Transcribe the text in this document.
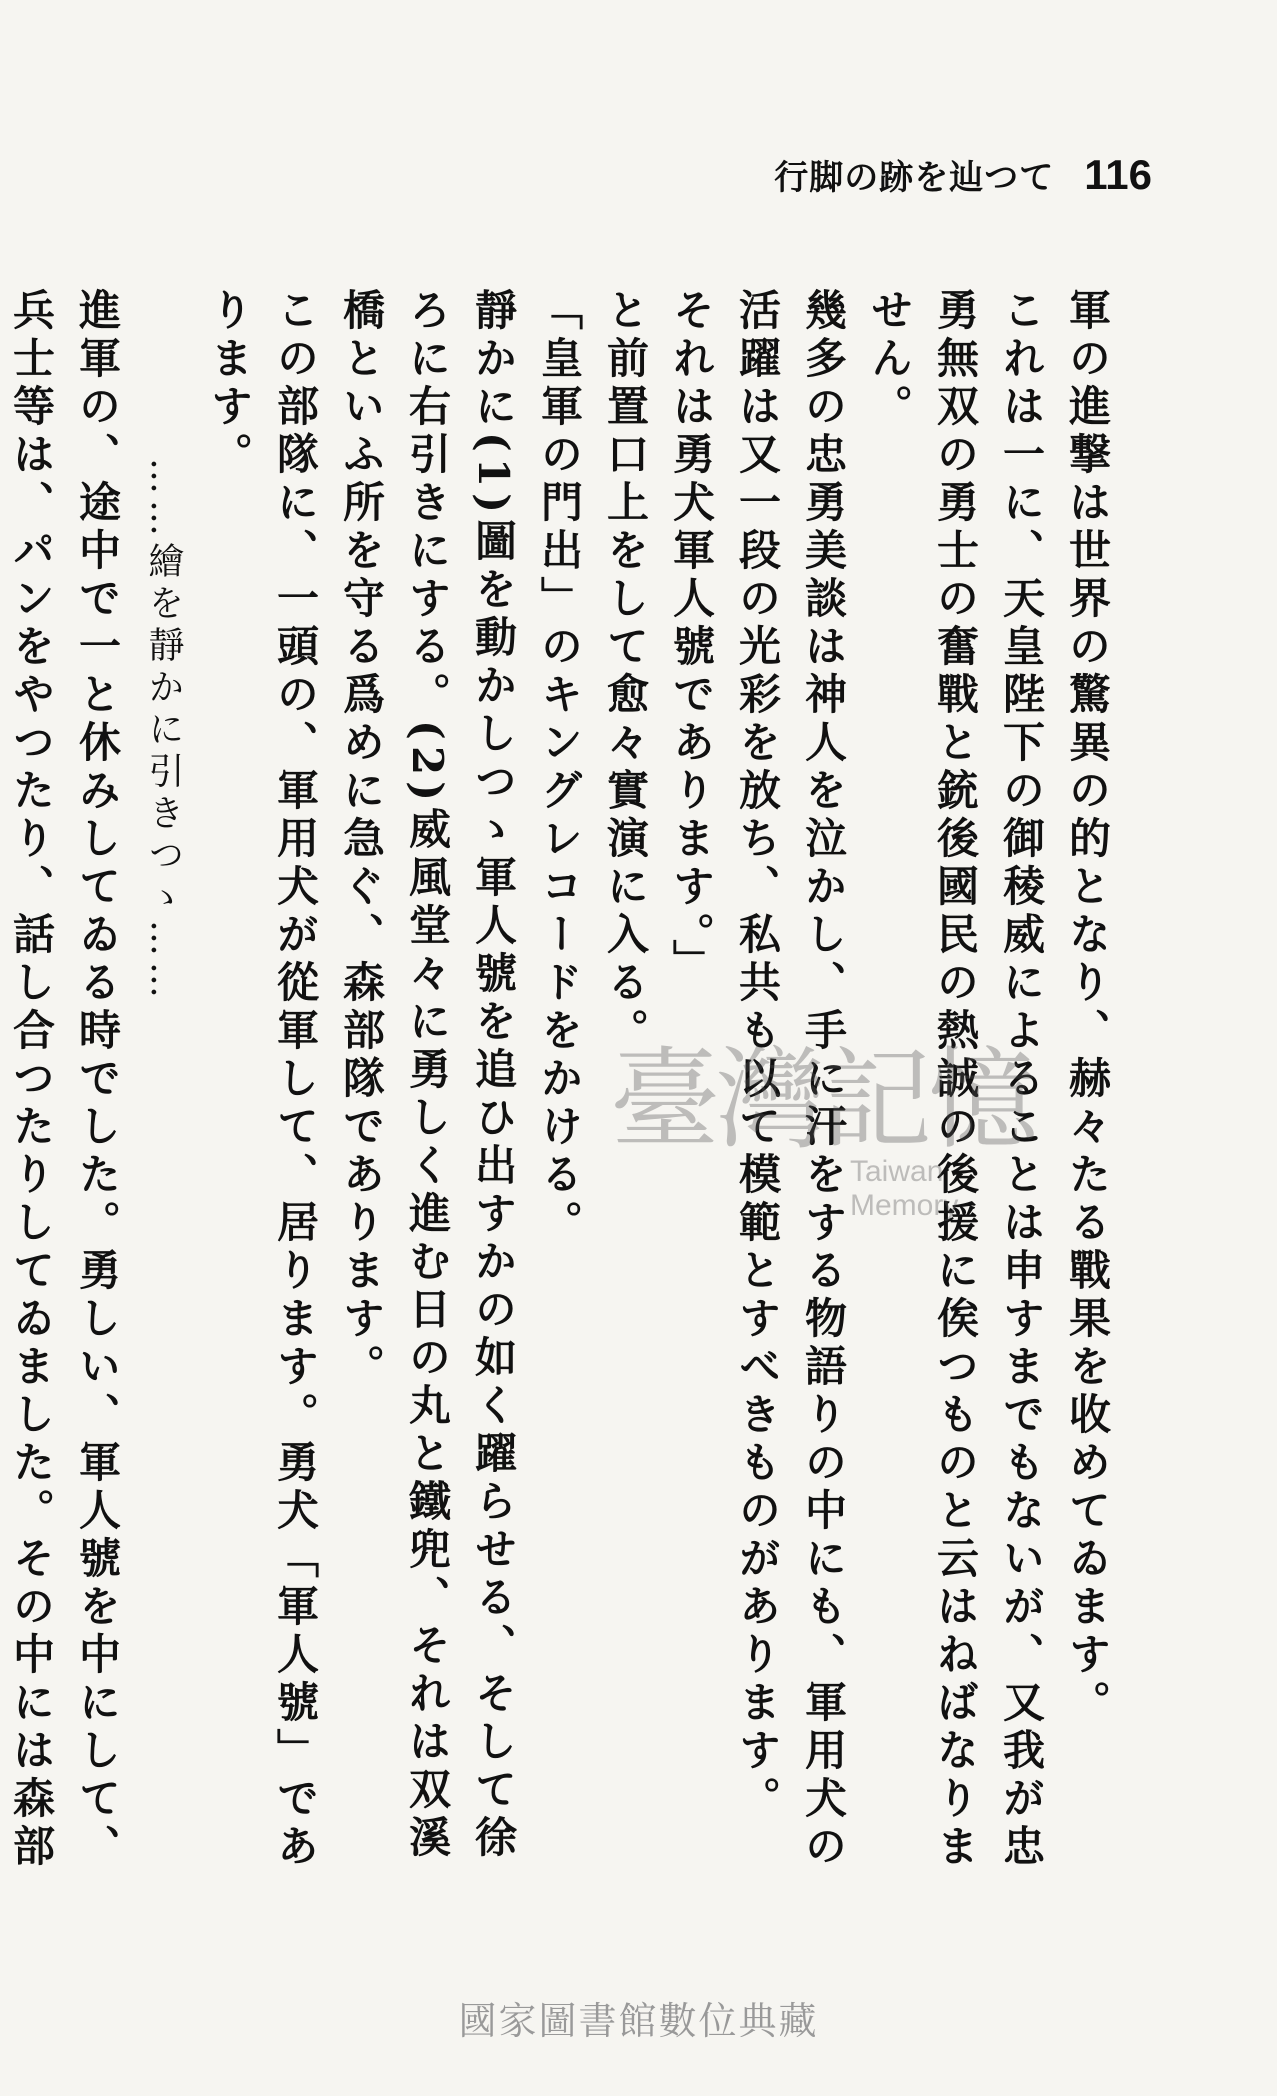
行脚の跡を辿つて 116

軍の進撃は世界の驚異の的となり、赫々たる戰果を收めてゐます。

これは一に、天皇陛下の御稜威によることは申すまでもないが、又我が忠勇無双の勇士の奮戰と銃後國民の熱誠の後援に俟つものと云はねばなりません。

幾多の忠勇美談は神人を泣かし、手に汗をする物語りの中にも、軍用犬の活躍は又一段の光彩を放ち、私共も以て模範とすべきものがあります。

それは勇犬軍人號であります。」

と前置口上をして愈々實演に入る。

「皇軍の門出」のキングレコードをかける。

靜かに(1)圖を動かしつゝ軍人號を追ひ出すかの如く躍らせる、そして徐ろに右引きにする。(2)威風堂々に勇しく進む日の丸と鐵兜、それは双溪橋といふ所を守る爲めに急ぐ、森部隊であります。

この部隊に、一頭の、軍用犬が從軍して、居ります。勇犬「軍人號」であります。

……繪を靜かに引きつゝ……

進軍の、途中で一と休みしてゐる時でした。勇しい、軍人號を中にして、兵士等は、パンをやつたり、話し合つたりしてゐました。その中には森部

臺灣記憶
Taiwan Memory
國家圖書館數位典藏
